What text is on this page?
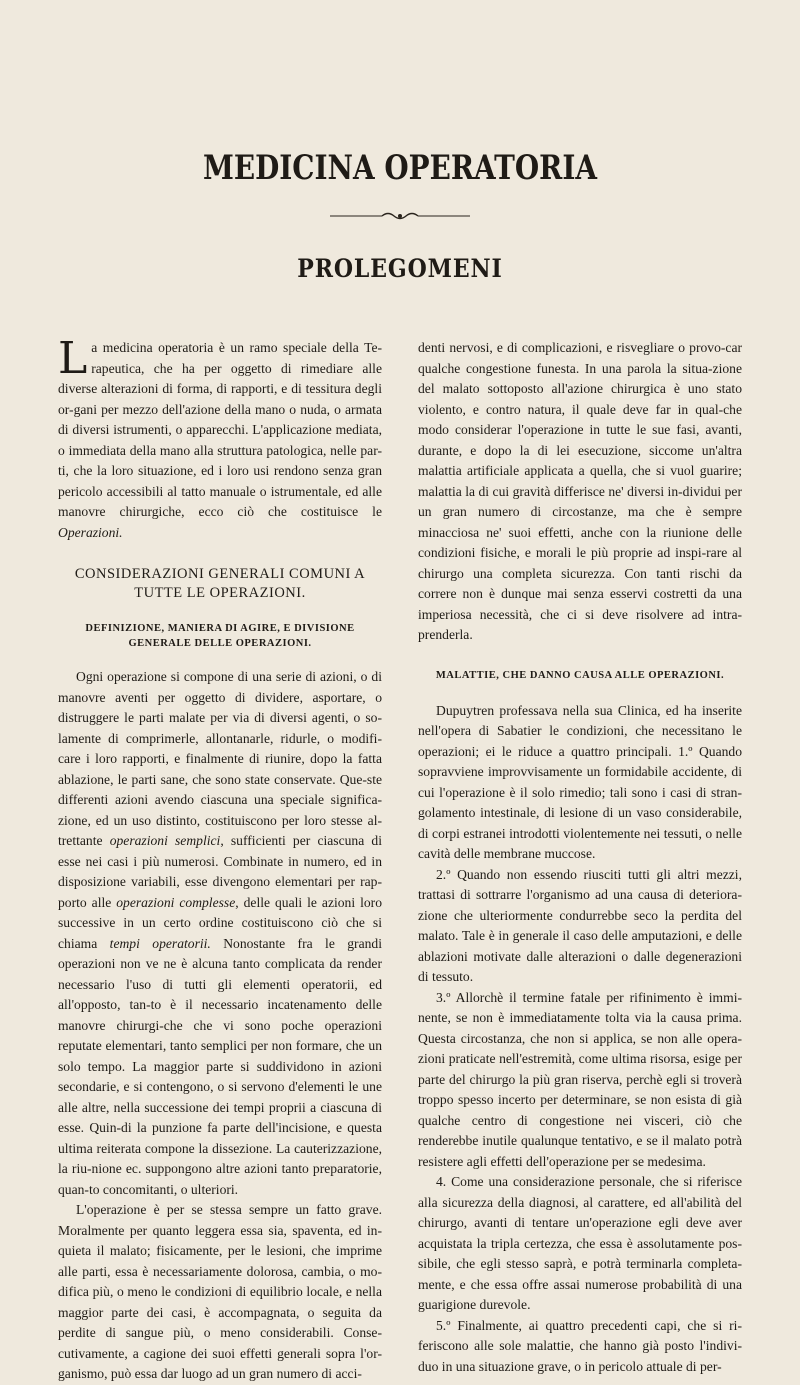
MEDICINA OPERATORIA
PROLEGOMENI

La medicina operatoria è un ramo speciale della Te-rapeutica, che ha per oggetto di rimediare alle diverse alterazioni di forma, di rapporti, e di tessitura degli or-gani per mezzo dell'azione della mano o nuda, o armata di diversi istrumenti, o apparecchi. L'applicazione mediata, o immediata della mano alla struttura patologica, nelle par-ti, che la loro situazione, ed i loro usi rendono senza gran pericolo accessibili al tatto manuale o istrumentale, ed alle manovre chirurgiche, ecco ciò che costituisce le Operazioni.

CONSIDERAZIONI GENERALI COMUNI A TUTTE LE OPERAZIONI.
DEFINIZIONE, MANIERA DI AGIRE, E DIVISIONE GENERALE DELLE OPERAZIONI.

Ogni operazione si compone di una serie di azioni, o di manovre aventi per oggetto di dividere, asportare, o distruggere le parti malate per via di diversi agenti, o so-lamente di comprimerle, allontanarle, ridurle, o modifi-care i loro rapporti, e finalmente di riunire, dopo la fatta ablazione, le parti sane, che sono state conservate. Que-ste differenti azioni avendo ciascuna una speciale significa-zione, ed un uso distinto, costituiscono per loro stesse al-trettante operazioni semplici, sufficienti per ciascuna di esse nei casi i più numerosi. Combinate in numero, ed in disposizione variabili, esse divengono elementari per rap-porto alle operazioni complesse, delle quali le azioni loro successive in un certo ordine costituiscono ciò che si chiama tempi operatorii. Nonostante fra le grandi operazioni non ve ne è alcuna tanto complicata da render necessario l'uso di tutti gli elementi operatorii, ed all'opposto, tan-to è il necessario incatenamento delle manovre chirurgi-che che vi sono poche operazioni reputate elementari, tanto semplici per non formare, che un solo tempo. La maggior parte si suddividono in azioni secondarie, e si contengono, o si servono d'elementi le une alle altre, nella successione dei tempi proprii a ciascuna di esse. Quin-di la punzione fa parte dell'incisione, e questa ultima reiterata compone la dissezione. La cauterizzazione, la riu-nione ec. suppongono altre azioni tanto preparatorie, quan-to concomitanti, o ulteriori.

L'operazione è per se stessa sempre un fatto grave. Moralmente per quanto leggera essa sia, spaventa, ed in-quieta il malato; fisicamente, per le lesioni, che imprime alle parti, essa è necessariamente dolorosa, cambia, o mo-difica più, o meno le condizioni di equilibrio locale, e nella maggior parte dei casi, è accompagnata, o seguita da perdite di sangue più, o meno considerabili. Conse-cutivamente, a cagione dei suoi effetti generali sopra l'or-ganismo, può essa dar luogo ad un gran numero di acci-

denti nervosi, e di complicazioni, e risvegliare o provo-car qualche congestione funesta. In una parola la situa-zione del malato sottoposto all'azione chirurgica è uno stato violento, e contro natura, il quale deve far in qual-che modo considerar l'operazione in tutte le sue fasi, avanti, durante, e dopo la di lei esecuzione, siccome un'altra malattia artificiale applicata a quella, che si vuol guarire; malattia la di cui gravità differisce ne' diversi in-dividui per un gran numero di circostanze, ma che è sempre minacciosa ne' suoi effetti, anche con la riunione delle condizioni fisiche, e morali le più proprie ad inspi-rare al chirurgo una completa sicurezza. Con tanti rischi da correre non è dunque mai senza esservi costretti da una imperiosa necessità, che ci si deve risolvere ad intra-prenderla.

MALATTIE, CHE DANNO CAUSA ALLE OPERAZIONI.

Dupuytren professava nella sua Clinica, ed ha inserite nell'opera di Sabatier le condizioni, che necessitano le operazioni; ei le riduce a quattro principali. 1.º Quando sopravviene improvvisamente un formidabile accidente, di cui l'operazione è il solo rimedio; tali sono i casi di stran-golamento intestinale, di lesione di un vaso considerabile, di corpi estranei introdotti violentemente nei tessuti, o nelle cavità delle membrane muccose.

2.º Quando non essendo riusciti tutti gli altri mezzi, trattasi di sottrarre l'organismo ad una causa di deteriora-zione che ulteriormente condurrebbe seco la perdita del malato. Tale è in generale il caso delle amputazioni, e delle ablazioni motivate dalle alterazioni o dalle degenerazioni di tessuto.

3.º Allorchè il termine fatale per rifinimento è immi-nente, se non è immediatamente tolta via la causa prima. Questa circostanza, che non si applica, se non alle opera-zioni praticate nell'estremità, come ultima risorsa, esige per parte del chirurgo la più gran riserva, perchè egli si troverà troppo spesso incerto per determinare, se non esista di già qualche centro di congestione nei visceri, ciò che renderebbe inutile qualunque tentativo, e se il malato potrà resistere agli effetti dell'operazione per se medesima.

4. Come una considerazione personale, che si riferisce alla sicurezza della diagnosi, al carattere, ed all'abilità del chirurgo, avanti di tentare un'operazione egli deve aver acquistata la tripla certezza, che essa è assolutamente pos-sibile, che egli stesso saprà, e potrà terminarla completa-mente, e che essa offre assai numerose probabilità di una guarigione durevole.

5.º Finalmente, ai quattro precedenti capi, che si ri-feriscono alle sole malattie, che hanno già posto l'indivi-duo in una situazione grave, o in pericolo attuale di per-
